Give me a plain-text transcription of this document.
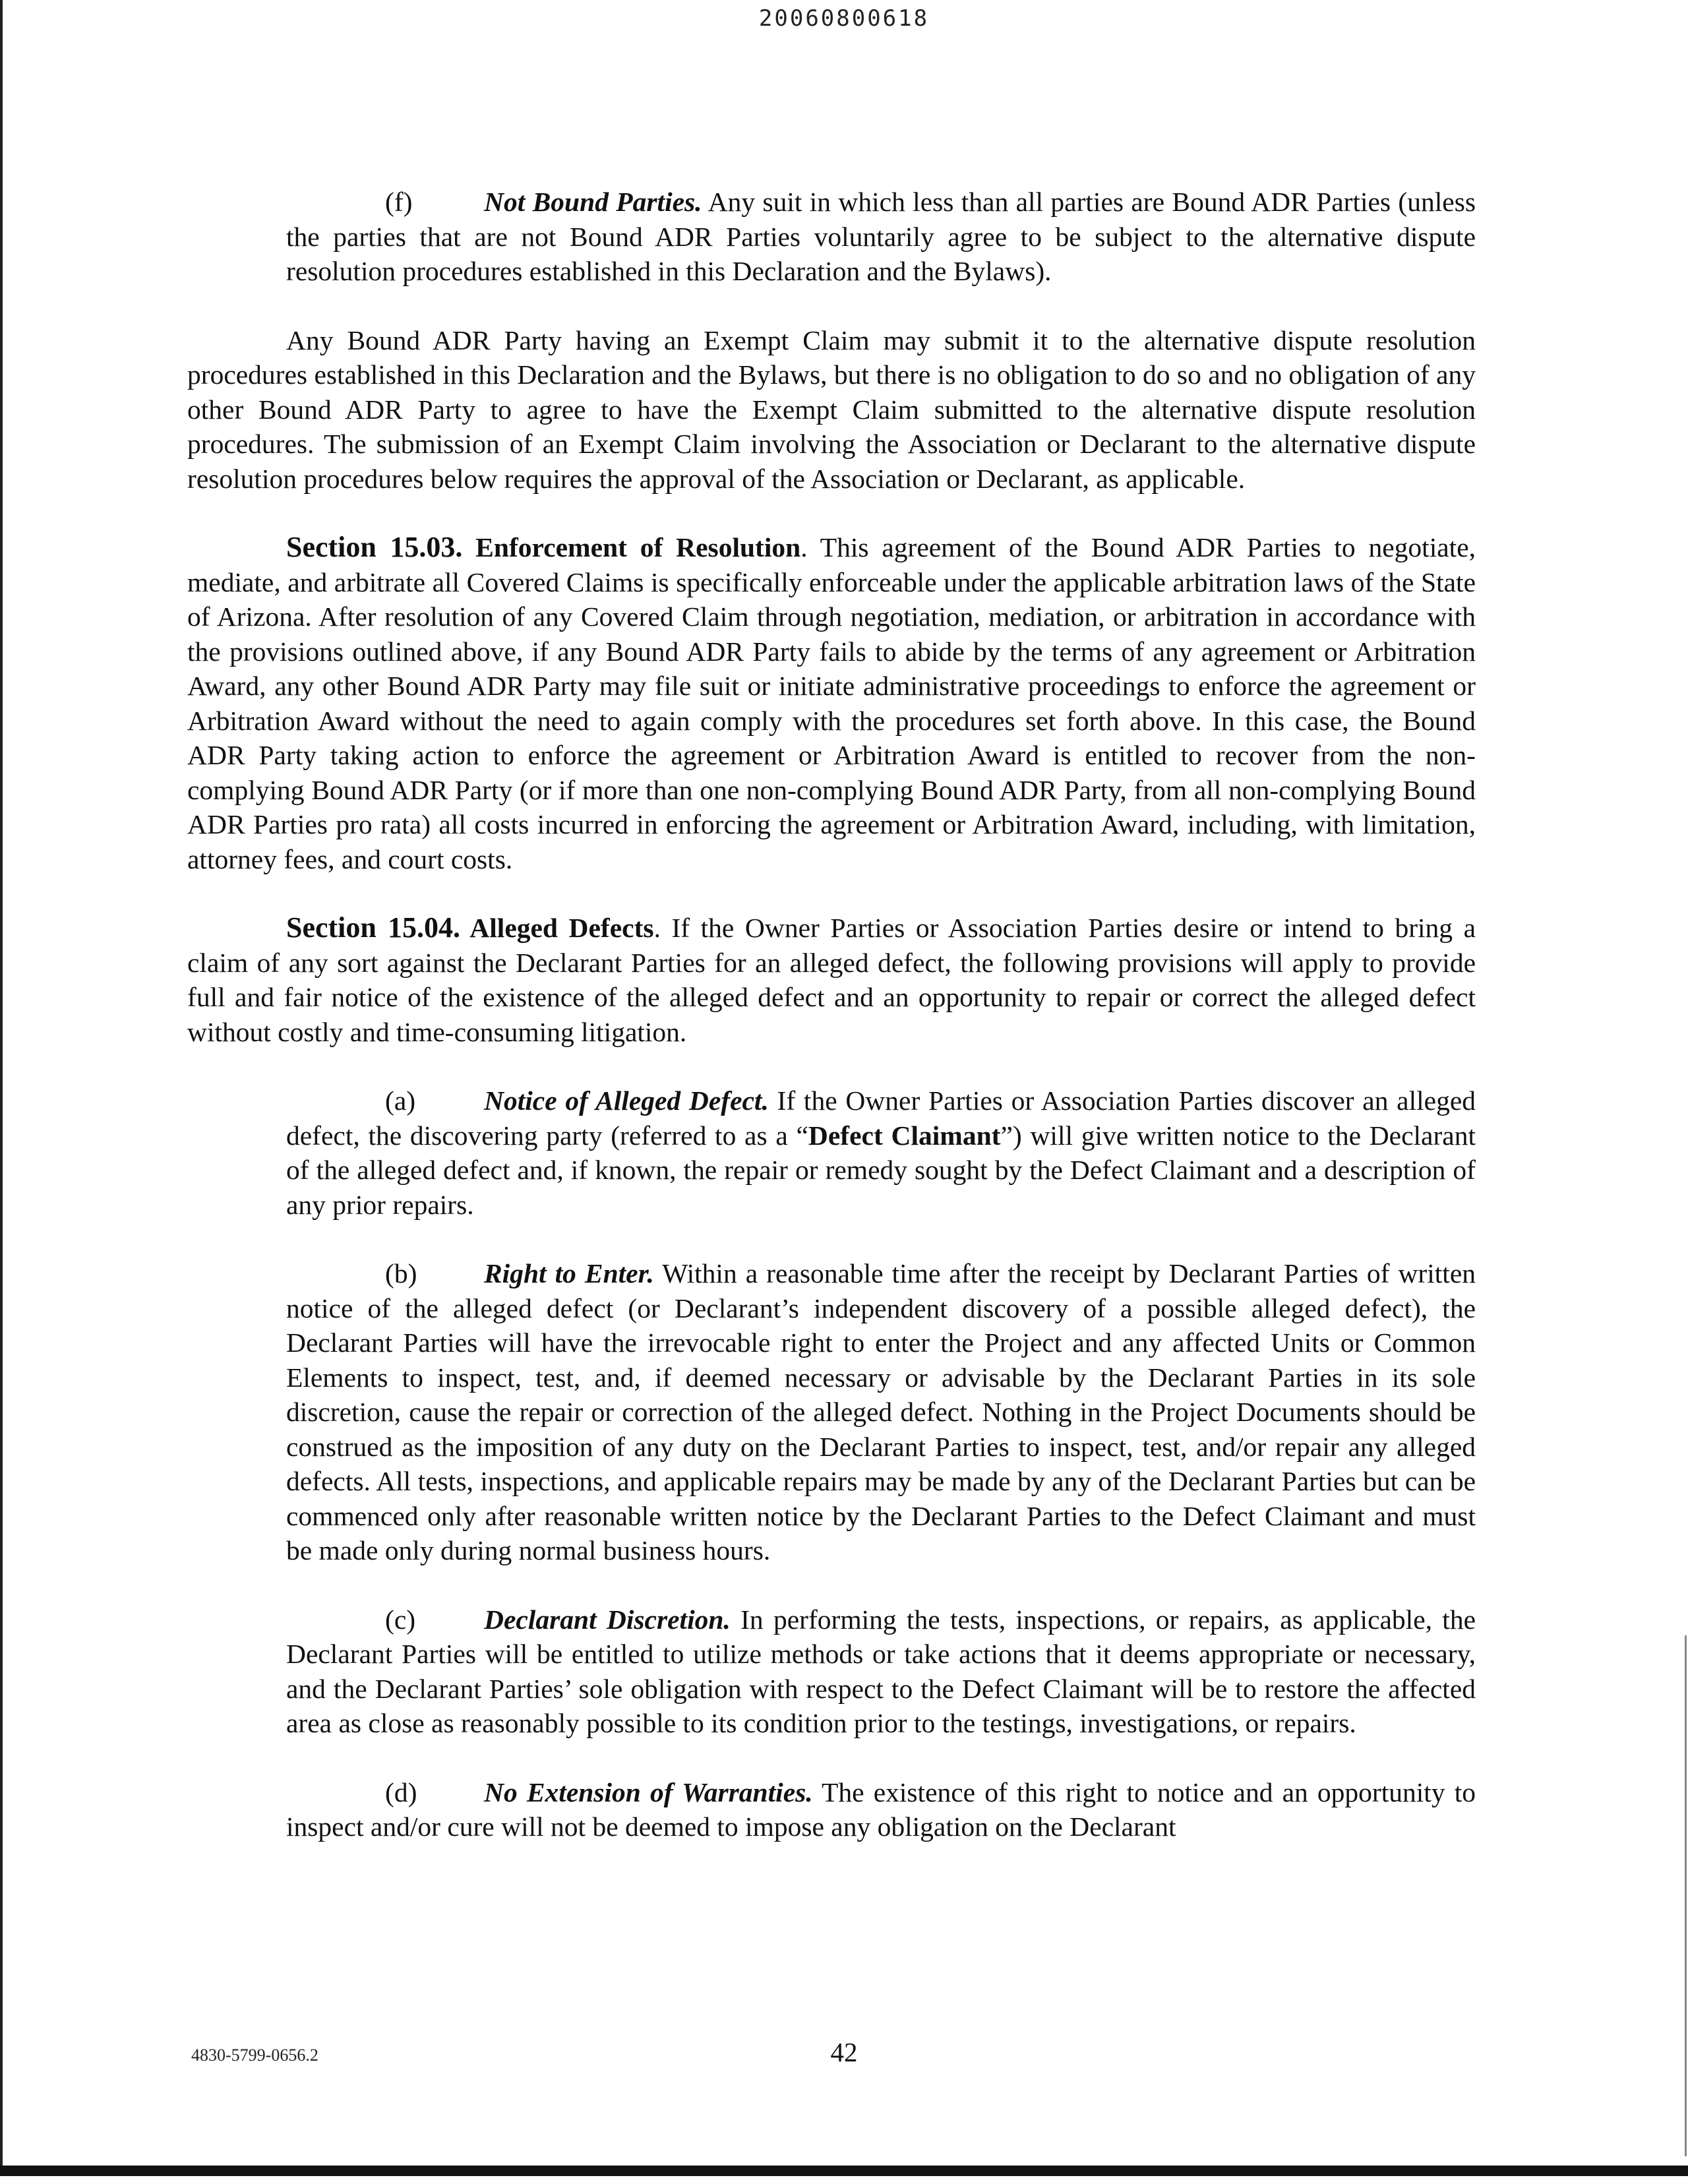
20060800618

(f)	Not Bound Parties. Any suit in which less than all parties are Bound ADR Parties (unless the parties that are not Bound ADR Parties voluntarily agree to be subject to the alternative dispute resolution procedures established in this Declaration and the Bylaws).

Any Bound ADR Party having an Exempt Claim may submit it to the alternative dispute resolution procedures established in this Declaration and the Bylaws, but there is no obligation to do so and no obligation of any other Bound ADR Party to agree to have the Exempt Claim submitted to the alternative dispute resolution procedures. The submission of an Exempt Claim involving the Association or Declarant to the alternative dispute resolution procedures below requires the approval of the Association or Declarant, as applicable.

Section 15.03. Enforcement of Resolution. This agreement of the Bound ADR Parties to negotiate, mediate, and arbitrate all Covered Claims is specifically enforceable under the applicable arbitration laws of the State of Arizona. After resolution of any Covered Claim through negotiation, mediation, or arbitration in accordance with the provisions outlined above, if any Bound ADR Party fails to abide by the terms of any agreement or Arbitration Award, any other Bound ADR Party may file suit or initiate administrative proceedings to enforce the agreement or Arbitration Award without the need to again comply with the procedures set forth above. In this case, the Bound ADR Party taking action to enforce the agreement or Arbitration Award is entitled to recover from the non-complying Bound ADR Party (or if more than one non-complying Bound ADR Party, from all non-complying Bound ADR Parties pro rata) all costs incurred in enforcing the agreement or Arbitration Award, including, with limitation, attorney fees, and court costs.

Section 15.04. Alleged Defects. If the Owner Parties or Association Parties desire or intend to bring a claim of any sort against the Declarant Parties for an alleged defect, the following provisions will apply to provide full and fair notice of the existence of the alleged defect and an opportunity to repair or correct the alleged defect without costly and time-consuming litigation.

(a)	Notice of Alleged Defect. If the Owner Parties or Association Parties discover an alleged defect, the discovering party (referred to as a “Defect Claimant”) will give written notice to the Declarant of the alleged defect and, if known, the repair or remedy sought by the Defect Claimant and a description of any prior repairs.

(b) Right to Enter. Within a reasonable time after the receipt by Declarant Parties of written notice of the alleged defect (or Declarant’s independent discovery of a possible alleged defect), the Declarant Parties will have the irrevocable right to enter the Project and any affected Units or Common Elements to inspect, test, and, if deemed necessary or advisable by the Declarant Parties in its sole discretion, cause the repair or correction of the alleged defect. Nothing in the Project Documents should be construed as the imposition of any duty on the Declarant Parties to inspect, test, and/or repair any alleged defects. All tests, inspections, and applicable repairs may be made by any of the Declarant Parties but can be commenced only after reasonable written notice by the Declarant Parties to the Defect Claimant and must be made only during normal business hours.

(c)	Declarant Discretion. In performing the tests, inspections, or repairs, as applicable, the Declarant Parties will be entitled to utilize methods or take actions that it deems appropriate or necessary, and the Declarant Parties’ sole obligation with respect to the Defect Claimant will be to restore the affected area as close as reasonably possible to its condition prior to the testings, investigations, or repairs.

(d) No Extension of Warranties. The existence of this right to notice and an opportunity to inspect and/or cure will not be deemed to impose any obligation on the Declarant

4830-5799-0656.2	42
